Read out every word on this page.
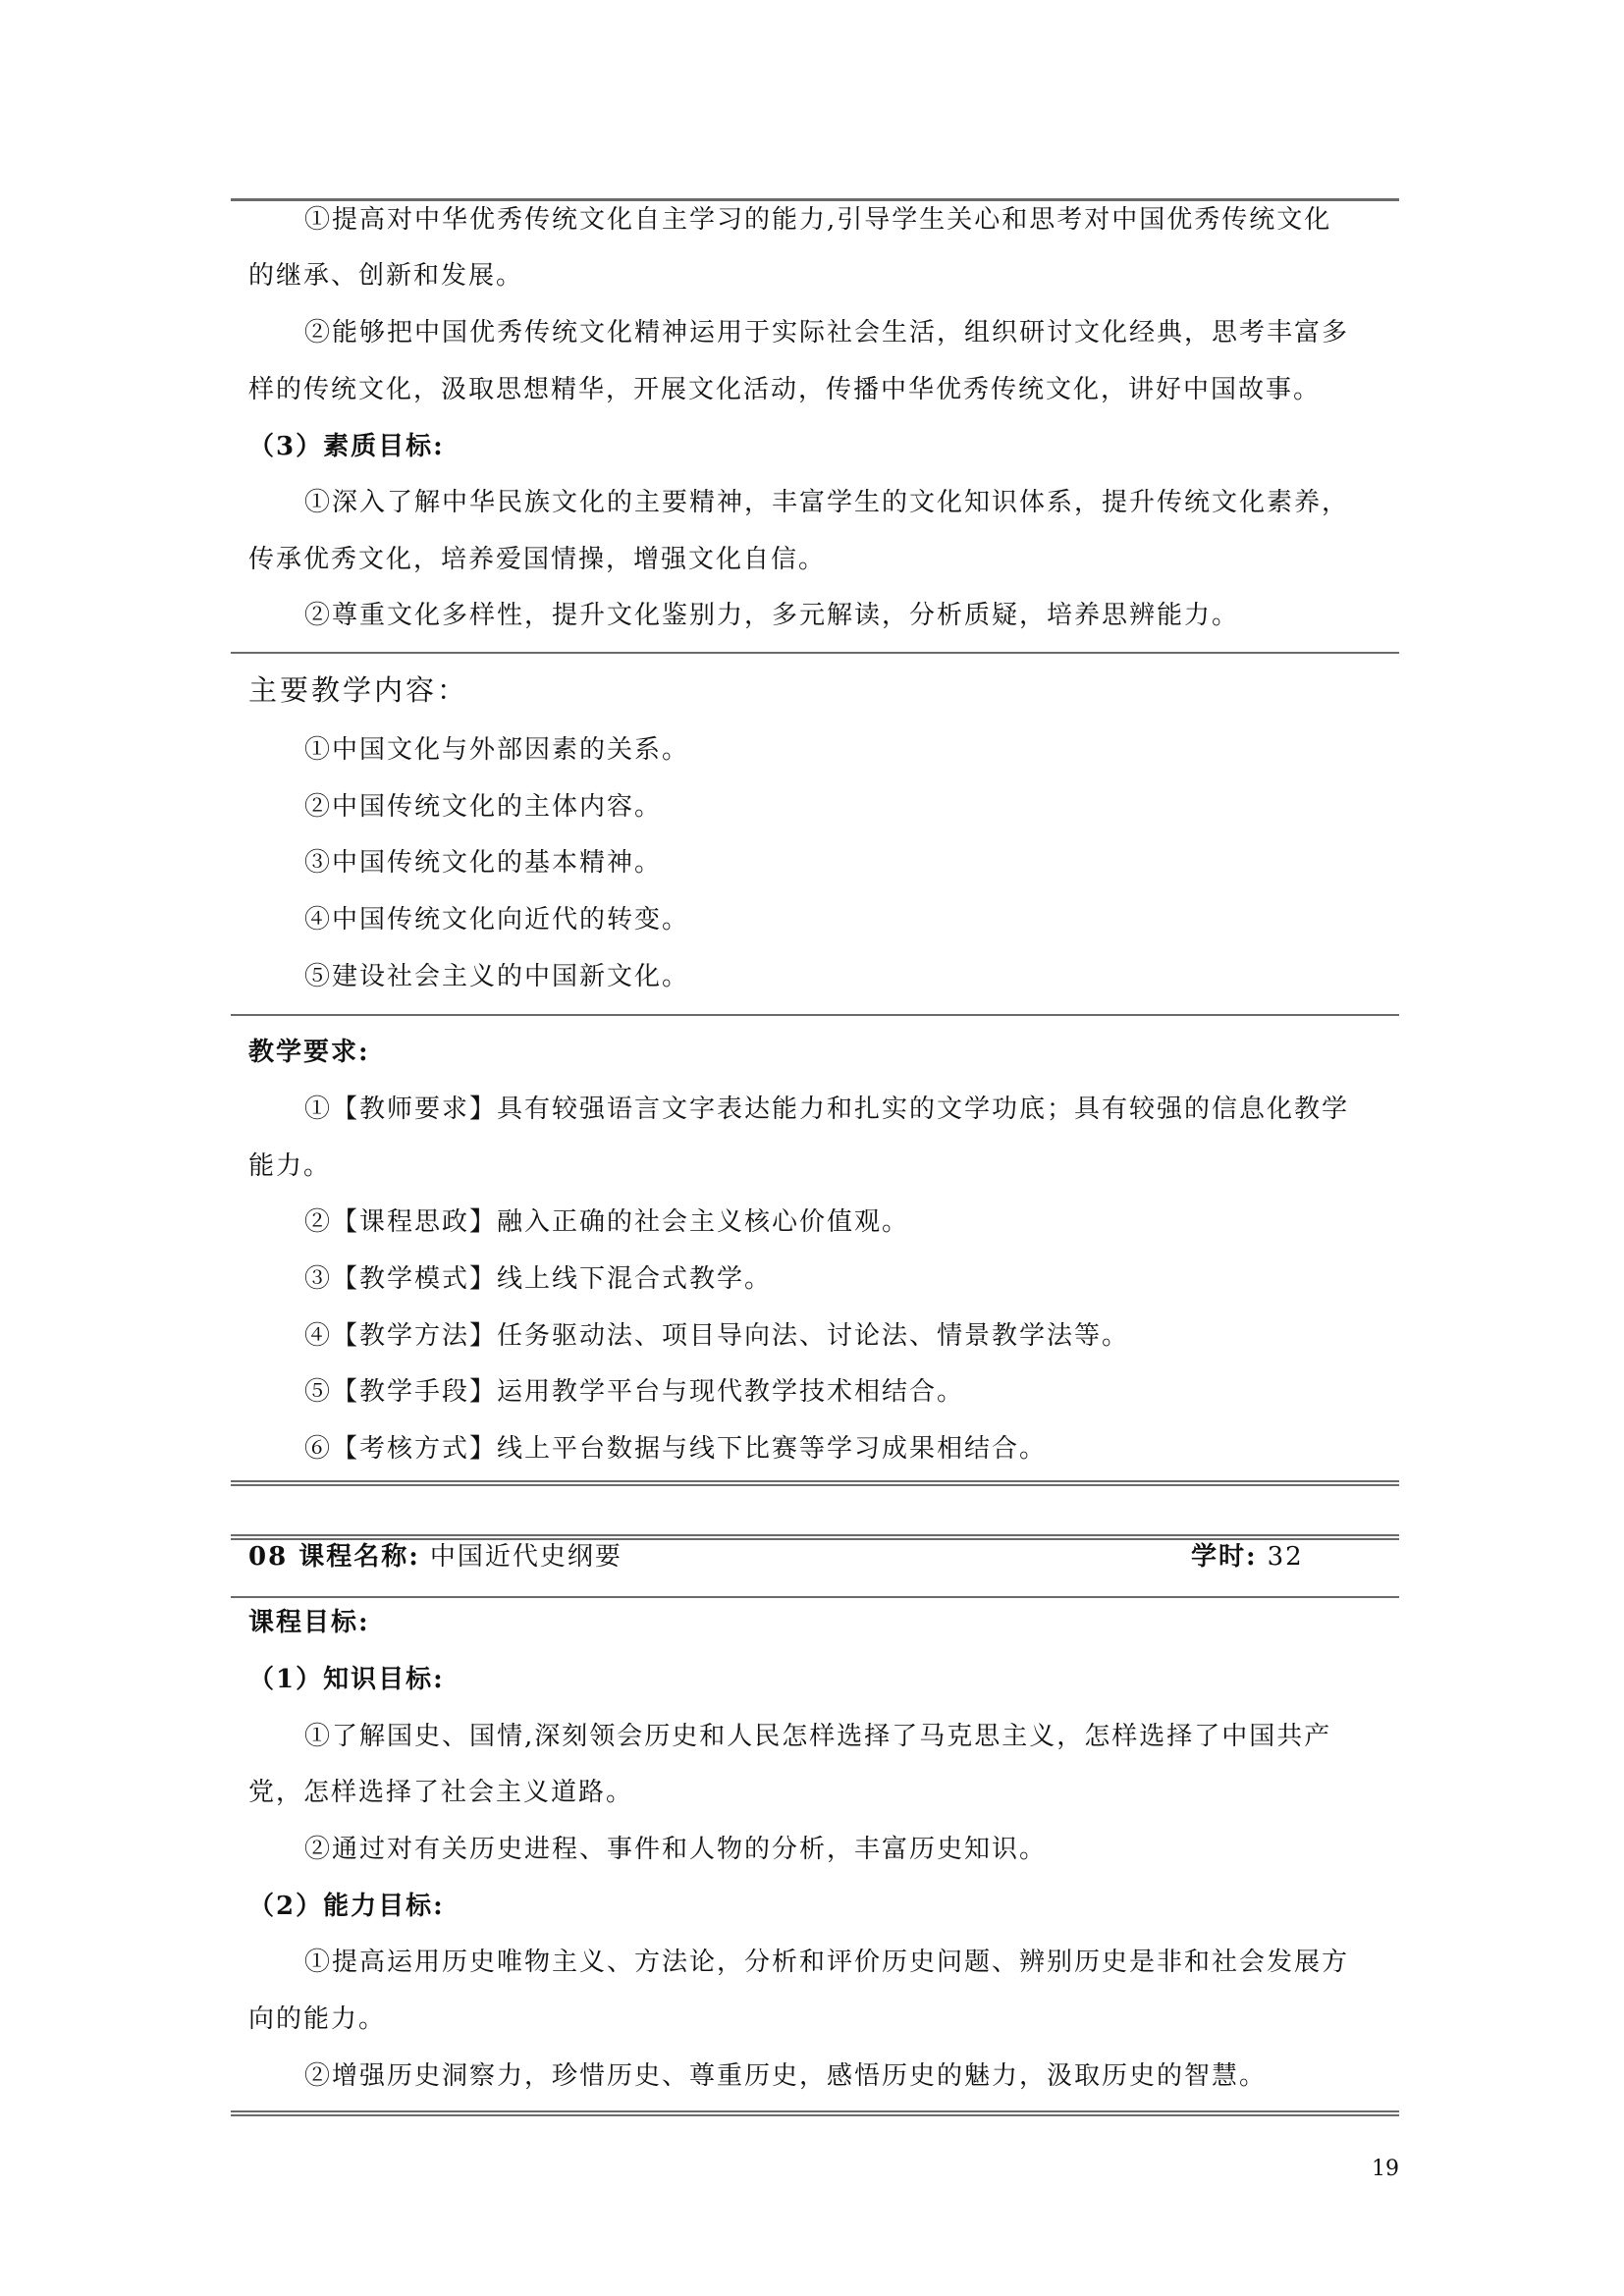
①提高对中华优秀传统文化自主学习的能力,引导学生关心和思考对中国优秀传统文化
的继承、创新和发展。
②能够把中国优秀传统文化精神运用于实际社会生活，组织研讨文化经典，思考丰富多
样的传统文化，汲取思想精华，开展文化活动，传播中华优秀传统文化，讲好中国故事。
（3）素质目标:
①深入了解中华民族文化的主要精神，丰富学生的文化知识体系，提升传统文化素养，
传承优秀文化，培养爱国情操，增强文化自信。
②尊重文化多样性，提升文化鉴别力，多元解读，分析质疑，培养思辨能力。
主要教学内容：
①中国文化与外部因素的关系。
②中国传统文化的主体内容。
③中国传统文化的基本精神。
④中国传统文化向近代的转变。
⑤建设社会主义的中国新文化。
教学要求:
①【教师要求】具有较强语言文字表达能力和扎实的文学功底；具有较强的信息化教学
能力。
②【课程思政】融入正确的社会主义核心价值观。
③【教学模式】线上线下混合式教学。
④【教学方法】任务驱动法、项目导向法、讨论法、情景教学法等。
⑤【教学手段】运用教学平台与现代教学技术相结合。
⑥【考核方式】线上平台数据与线下比赛等学习成果相结合。
08 课程名称: 中国近代史纲要	学时: 32
课程目标:
（1）知识目标:
①了解国史、国情,深刻领会历史和人民怎样选择了马克思主义，怎样选择了中国共产
党，怎样选择了社会主义道路。
②通过对有关历史进程、事件和人物的分析，丰富历史知识。
（2）能力目标:
①提高运用历史唯物主义、方法论，分析和评价历史问题、辨别历史是非和社会发展方
向的能力。
②增强历史洞察力，珍惜历史、尊重历史，感悟历史的魅力，汲取历史的智慧。
19
